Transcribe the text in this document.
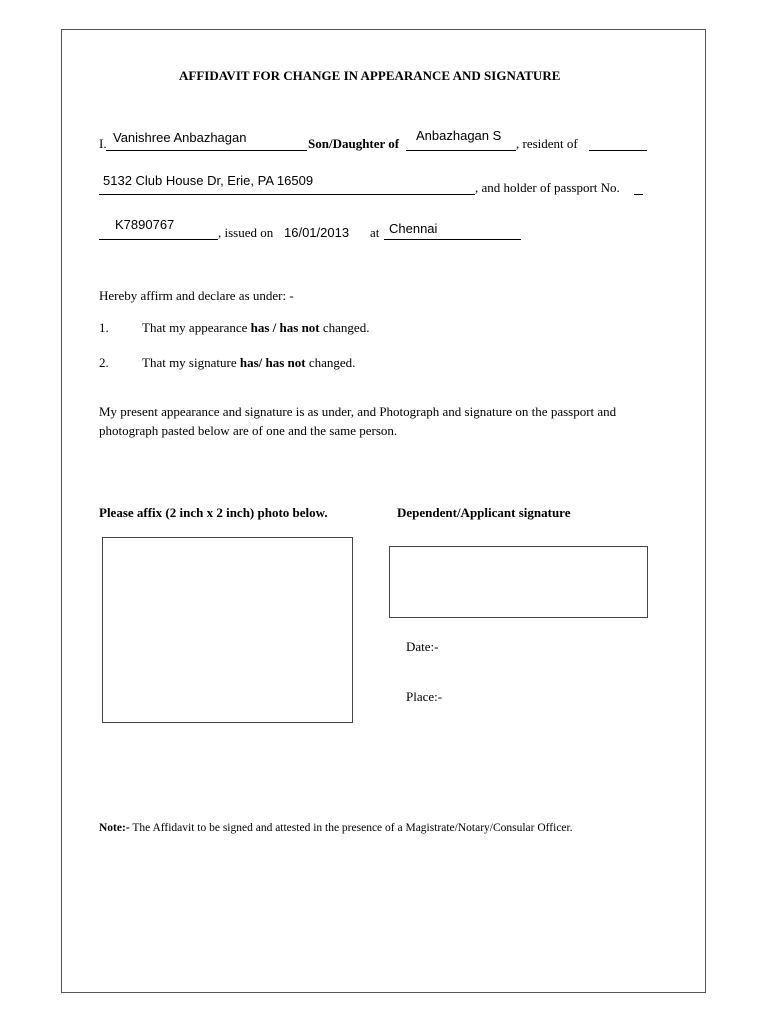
AFFIDAVIT FOR CHANGE IN APPEARANCE AND SIGNATURE
I. Vanishree Anbazhagan	Son/Daughter of
Anbazhagan S
, resident of
5132 Club House Dr, Erie, PA 16509	, and holder of passport No.
K7890767
, issued on 16/01/2013 at Chennai
Hereby affirm and declare as under: -
1.	That my appearance has / has not changed.
2.	That my signature has/ has not changed.
My present appearance and signature is as under, and Photograph and signature on the passport and
photograph pasted below are of one and the same person.
Please affix (2 inch x 2 inch) photo below.	Dependent/Applicant signature
Date:-
Place:-
Note:- The Affidavit to be signed and attested in the presence of a Magistrate/Notary/Consular Officer.
